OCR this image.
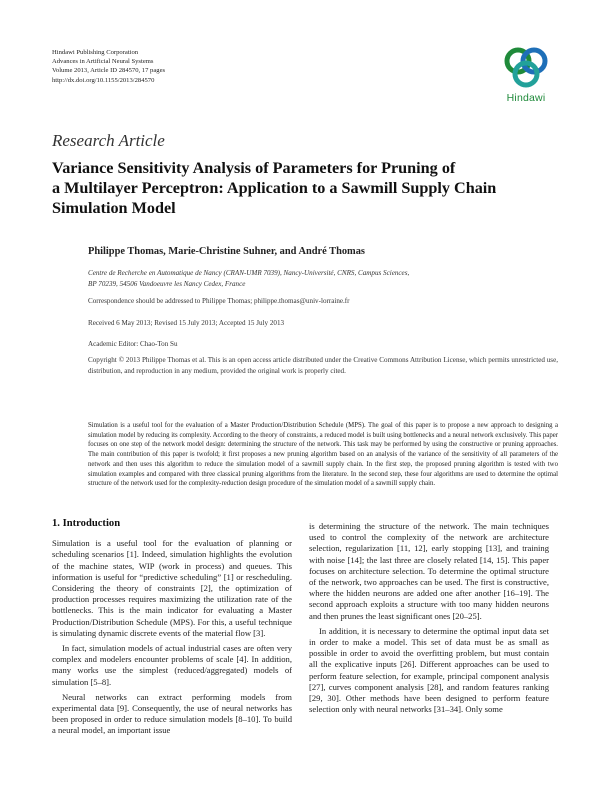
Hindawi Publishing Corporation
Advances in Artificial Neural Systems
Volume 2013, Article ID 284570, 17 pages
http://dx.doi.org/10.1155/2013/284570
Hindawi
Research Article
Variance Sensitivity Analysis of Parameters for Pruning of
a Multilayer Perceptron: Application to a Sawmill Supply Chain
Simulation Model
Philippe Thomas, Marie-Christine Suhner, and André Thomas
Centre de Recherche en Automatique de Nancy (CRAN-UMR 7039), Nancy-Université, CNRS, Campus Sciences,
BP 70239, 54506 Vandoeuvre les Nancy Cedex, France
Correspondence should be addressed to Philippe Thomas; philippe.thomas@univ-lorraine.fr
Received 6 May 2013; Revised 15 July 2013; Accepted 15 July 2013
Academic Editor: Chao-Ton Su
Copyright © 2013 Philippe Thomas et al. This is an open access article distributed under the Creative Commons Attribution License, which permits unrestricted use, distribution, and reproduction in any medium, provided the original work is properly cited.
Simulation is a useful tool for the evaluation of a Master Production/Distribution Schedule (MPS). The goal of this paper is to propose a new approach to designing a simulation model by reducing its complexity. According to the theory of constraints, a reduced model is built using bottlenecks and a neural network exclusively. This paper focuses on one step of the network model design: determining the structure of the network. This task may be performed by using the constructive or pruning approaches. The main contribution of this paper is twofold; it first proposes a new pruning algorithm based on an analysis of the variance of the sensitivity of all parameters of the network and then uses this algorithm to reduce the simulation model of a sawmill supply chain. In the first step, the proposed pruning algorithm is tested with two simulation examples and compared with three classical pruning algorithms from the literature. In the second step, these four algorithms are used to determine the optimal structure of the network used for the complexity-reduction design procedure of the simulation model of a sawmill supply chain.
1. Introduction

Simulation is a useful tool for the evaluation of planning or scheduling scenarios [1]. Indeed, simulation highlights the evolution of the machine states, WIP (work in process) and queues. This information is useful for “predictive scheduling” [1] or rescheduling. Considering the theory of constraints [2], the optimization of production processes requires maximizing the utilization rate of the bottlenecks. This is the main indicator for evaluating a Master Production/Distribution Schedule (MPS). For this, a useful technique is simulating dynamic discrete events of the material flow [3].

In fact, simulation models of actual industrial cases are often very complex and modelers encounter problems of scale [4]. In addition, many works use the simplest (reduced/aggregated) models of simulation [5–8].

Neural networks can extract performing models from experimental data [9]. Consequently, the use of neural networks has been proposed in order to reduce simulation models [8–10]. To build a neural model, an important issue

is determining the structure of the network. The main techniques used to control the complexity of the network are architecture selection, regularization [11, 12], early stopping [13], and training with noise [14]; the last three are closely related [14, 15]. This paper focuses on architecture selection. To determine the optimal structure of the network, two approaches can be used. The first is constructive, where the hidden neurons are added one after another [16–19]. The second approach exploits a structure with too many hidden neurons and then prunes the least significant ones [20–25].

In addition, it is necessary to determine the optimal input data set in order to make a model. This set of data must be as small as possible in order to avoid the overfitting problem, but must contain all the explicative inputs [26]. Different approaches can be used to perform feature selection, for example, principal component analysis [27], curves component analysis [28], and random features ranking [29, 30]. Other methods have been designed to perform feature selection only with neural networks [31–34]. Only some
